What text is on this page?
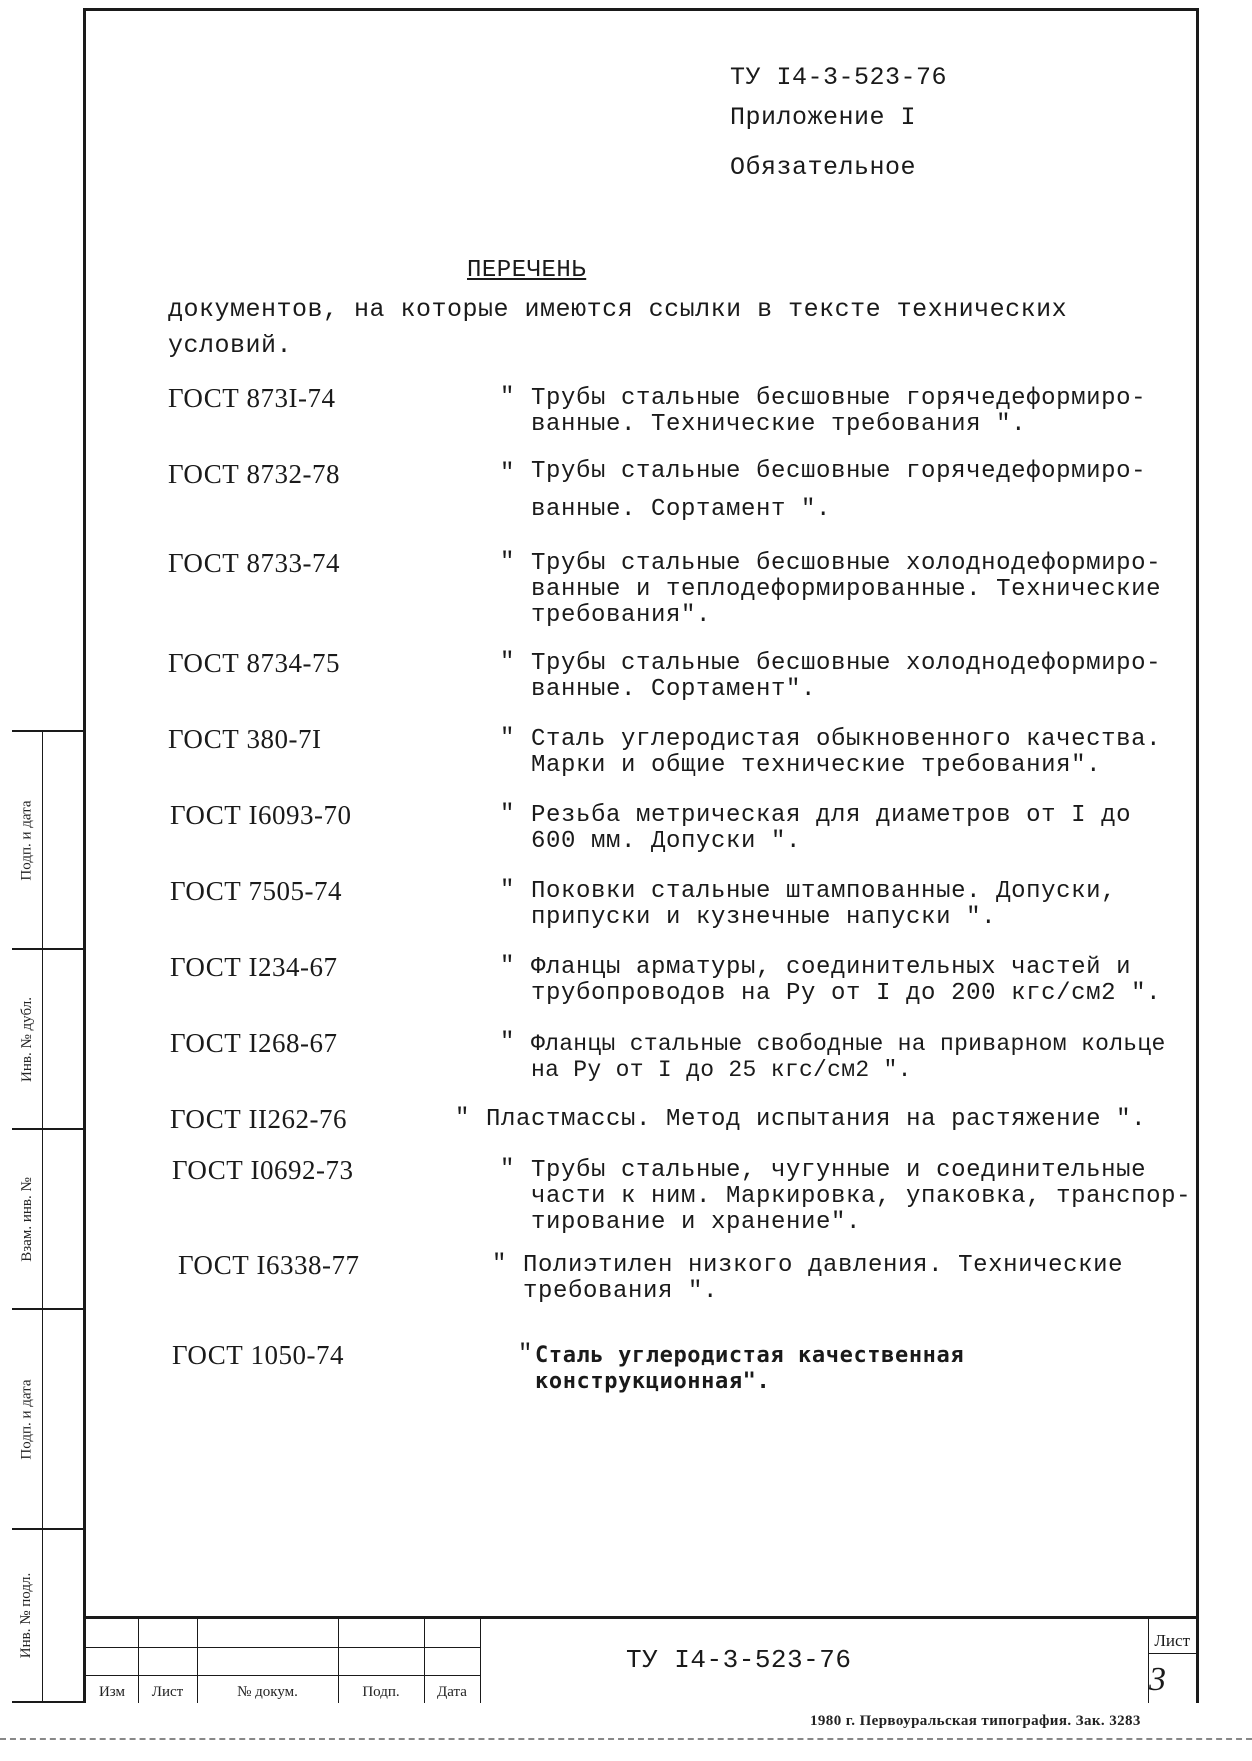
ТУ I4-3-523-76
Приложение I
Обязательное
ПЕРЕЧЕНЬ
документов, на которые имеются ссылки в тексте технических
условий.
ГОСТ 873I-74	" Трубы стальные бесшовные горячедеформиро-
ванные. Технические требования ".
ГОСТ 8732-78	" Трубы стальные бесшовные горячедеформиро-

ванные. Сортамент ".
ГОСТ 8733-74	" Трубы стальные бесшовные холоднодеформиро-
ванные и теплодеформированные. Технические
требования".
ГОСТ 8734-75	" Трубы стальные бесшовные холоднодеформиро-
ванные. Сортамент".
ГОСТ 380-7I	" Сталь углеродистая обыкновенного качества.
Марки и общие технические требования".
ГОСТ I6093-70	" Резьба метрическая для диаметров от I до
600 мм. Допуски ".
ГОСТ 7505-74	" Поковки стальные штампованные. Допуски,
припуски и кузнечные напуски ".
ГОСТ I234-67	" Фланцы арматуры, соединительных частей и
трубопроводов на Ру от I до 200 кгс/см2 ".
ГОСТ I268-67	" Фланцы стальные свободные на приварном кольце
на Ру от I до 25 кгс/см2 ".
ГОСТ II262-76	" Пластмассы. Метод испытания на растяжение ".
ГОСТ I0692-73	" Трубы стальные, чугунные и соединительные
части к ним. Маркировка, упаковка, транспор-
тирование и хранение".
ГОСТ I6338-77	" Полиэтилен низкого давления. Технические
требования ".
ГОСТ 1050-74	" Сталь углеродистая качественная
конструкционная".
Подп. и дата
Инв. № дубл.
Взам. инв. №
Подп. и дата
Инв. № подл.
Изм	Лист	№ докум.	Подп.	Дата
ТУ I4-3-523-76
Лист
3
1980 г. Первоуральская типография. Зак. 3283
